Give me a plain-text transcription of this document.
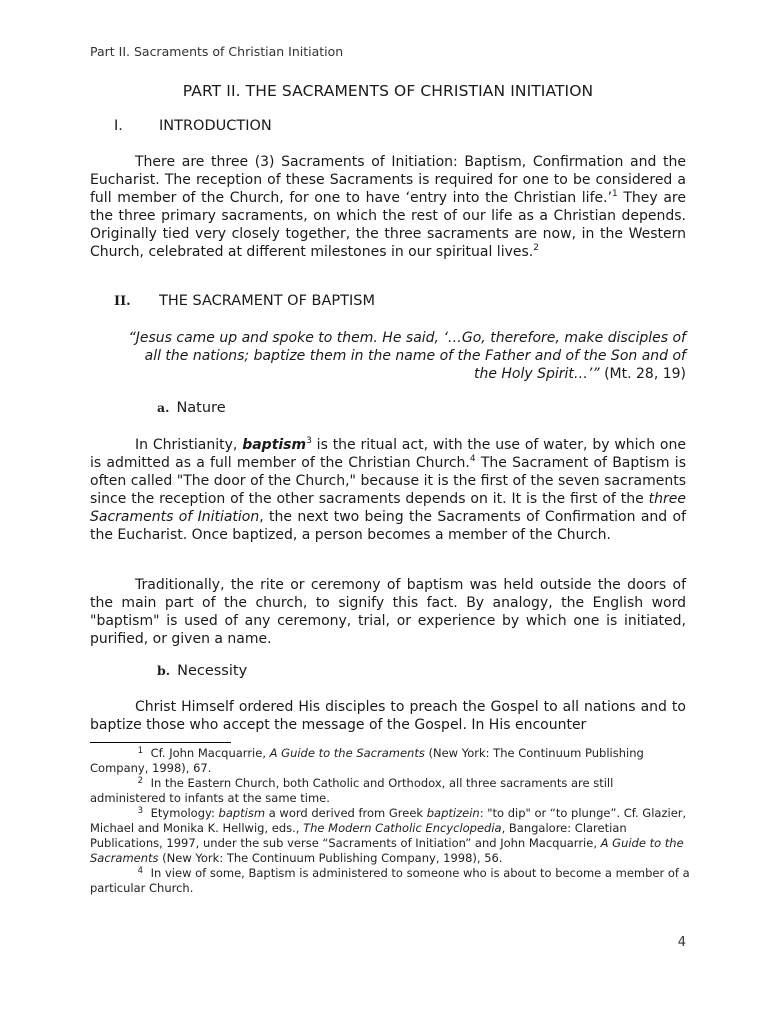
Part II. Sacraments of Christian Initiation
PART II. THE SACRAMENTS OF CHRISTIAN INITIATION
I. INTRODUCTION

There are three (3) Sacraments of Initiation: Baptism, Confirmation and the Eucharist. The reception of these Sacraments is required for one to be considered a full member of the Church, for one to have ‘entry into the Christian life.’$^1$ They are the three primary sacraments, on which the rest of our life as a Christian depends. Originally tied very closely together, the three sacraments are now, in the Western Church, celebrated at different milestones in our spiritual lives.$^2$

II. THE SACRAMENT OF BAPTISM

“Jesus came up and spoke to them. He said, ‘…Go, therefore, make disciples of all the nations; baptize them in the name of the Father and of the Son and of the Holy Spirit…’” (Mt. 28, 19)

a. Nature

In Christianity, baptism$^3$ is the ritual act, with the use of water, by which one is admitted as a full member of the Christian Church.$^4$ The Sacrament of Baptism is often called "The door of the Church," because it is the first of the seven sacraments since the reception of the other sacraments depends on it. It is the first of the three Sacraments of Initiation, the next two being the Sacraments of Confirmation and of the Eucharist. Once baptized, a person becomes a member of the Church.

Traditionally, the rite or ceremony of baptism was held outside the doors of the main part of the church, to signify this fact. By analogy, the English word "baptism" is used of any ceremony, trial, or experience by which one is initiated, purified, or given a name.

b. Necessity

Christ Himself ordered His disciples to preach the Gospel to all nations and to baptize those who accept the message of the Gospel. In His encounter

$^1$ Cf. John Macquarrie, A Guide to the Sacraments (New York: The Continuum Publishing Company, 1998), 67.

$^2$ In the Eastern Church, both Catholic and Orthodox, all three sacraments are still administered to infants at the same time.

$^3$ Etymology: baptism a word derived from Greek baptizein: "to dip" or “to plunge”. Cf. Glazier, Michael and Monika K. Hellwig, eds., The Modern Catholic Encyclopedia, Bangalore: Claretian Publications, 1997, under the sub verse “Sacraments of Initiation” and John Macquarrie, A Guide to the Sacraments (New York: The Continuum Publishing Company, 1998), 56.

$^4$ In view of some, Baptism is administered to someone who is about to become a member of a particular Church.

4
